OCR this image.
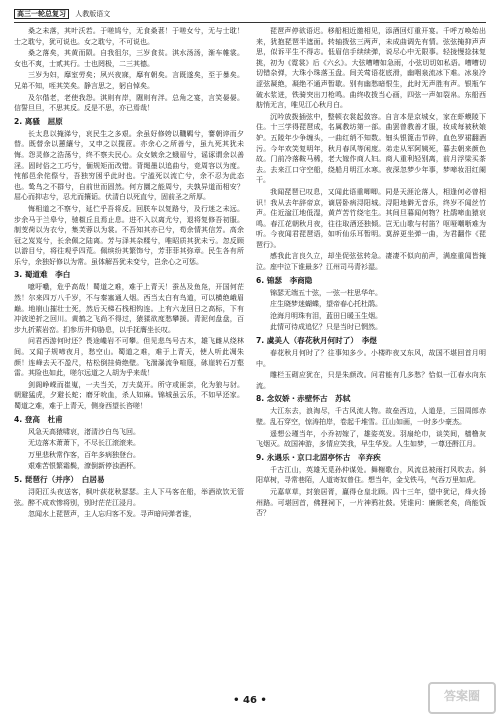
高三一轮总复习 人教版语文

桑之未落，其叶沃若。于嗟鸠兮，无食桑葚！于嗟女兮，无与士耽！士之耽兮，犹可说也。女之耽兮，不可说也。

桑之落矣，其黄而陨。自我徂尔，三岁食贫。淇水汤汤，渐车帷裳。女也不爽，士贰其行。士也罔极，二三其德。

三岁为妇，靡室劳矣；夙兴夜寐，靡有朝矣。言既遂矣，至于暴矣。兄弟不知，咥其笑矣。静言思之，躬自悼矣。

及尔偕老，老使我怨。淇则有岸，隰则有泮。总角之宴，言笑晏晏。信誓旦旦，不思其反。反是不思，亦已焉哉！

2. 离骚　屈原

长太息以掩涕兮，哀民生之多艰。余虽好修姱以鞿羁兮，謇朝谇而夕替。既替余以蕙纕兮，又申之以揽茝。亦余心之所善兮，虽九死其犹未悔。怨灵修之浩荡兮，终不察夫民心。众女嫉余之蛾眉兮，谣诼谓余以善淫。固时俗之工巧兮，偭规矩而改错。背绳墨以追曲兮，竞周容以为度。忳郁邑余侘傺兮，吾独穷困乎此时也。宁溘死以流亡兮，余不忍为此态也。鸷鸟之不群兮，自前世而固然。何方圜之能周兮，夫孰异道而相安？屈心而抑志兮，忍尤而攘诟。伏清白以死直兮，固前圣之所厚。

悔相道之不察兮，延伫乎吾将反。回朕车以复路兮，及行迷之未远。步余马于兰皋兮，驰椒丘且焉止息。进不入以离尤兮，退将复修吾初服。制芰荷以为衣兮，集芙蓉以为裳。不吾知其亦已兮，苟余情其信芳。高余冠之岌岌兮，长余佩之陆离。芳与泽其杂糅兮，唯昭质其犹未亏。忽反顾以游目兮，将往观乎四荒。佩缤纷其繁饰兮，芳菲菲其弥章。民生各有所乐兮，余独好修以为常。虽体解吾犹未变兮，岂余心之可惩。

3. 蜀道难　李白

噫吁嚱，危乎高哉！蜀道之难，难于上青天！蚕丛及鱼凫，开国何茫然！尔来四万八千岁，不与秦塞通人烟。西当太白有鸟道，可以横绝峨眉巅。地崩山摧壮士死，然后天梯石栈相钩连。上有六龙回日之高标，下有冲波逆折之回川。黄鹤之飞尚不得过，猿猱欲度愁攀援。青泥何盘盘，百步九折萦岩峦。扪参历井仰胁息，以手抚膺坐长叹。

问君西游何时还？畏途巉岩不可攀。但见悲鸟号古木，雄飞雌从绕林间。又闻子规啼夜月，愁空山。蜀道之难，难于上青天，使人听此凋朱颜！连峰去天不盈尺，枯松倒挂倚绝壁。飞湍瀑流争喧豗，砯崖转石万壑雷。其险也如此，嗟尔远道之人胡为乎来哉！

剑阁峥嵘而崔嵬，一夫当关，万夫莫开。所守或匪亲，化为狼与豺。朝避猛虎，夕避长蛇；磨牙吮血，杀人如麻。锦城虽云乐，不如早还家。蜀道之难，难于上青天，侧身西望长咨嗟！

4. 登高　杜甫

风急天高猿啸哀，渚清沙白鸟飞回。

无边落木萧萧下，不尽长江滚滚来。

万里悲秋常作客，百年多病独登台。

艰难苦恨繁霜鬓，潦倒新停浊酒杯。

5. 琵琶行（并序）　白居易

浔阳江头夜送客，枫叶荻花秋瑟瑟。主人下马客在船，举酒欲饮无管弦。醉不成欢惨将别，别时茫茫江浸月。

忽闻水上琵琶声，主人忘归客不发。寻声暗问弹者谁，

琵琶声停欲语迟。移船相近邀相见，添酒回灯重开宴。千呼万唤始出来，犹抱琵琶半遮面。转轴拨弦三两声，未成曲调先有情。弦弦掩抑声声思，似诉平生不得志。低眉信手续续弹，说尽心中无限事。轻拢慢捻抹复挑，初为《霓裳》后《六幺》。大弦嘈嘈如急雨，小弦切切如私语。嘈嘈切切错杂弹，大珠小珠落玉盘。间关莺语花底滑，幽咽泉流冰下难。冰泉冷涩弦凝绝，凝绝不通声暂歇。别有幽愁暗恨生，此时无声胜有声。银瓶乍破水浆迸，铁骑突出刀枪鸣。曲终收拨当心画，四弦一声如裂帛。东船西舫悄无言，唯见江心秋月白。

沉吟放拨插弦中，整顿衣裳起敛容。自言本是京城女，家在虾蟆陵下住。十三学得琵琶成，名属教坊第一部。曲罢曾教善才服，妆成每被秋娘妒。五陵年少争缠头，一曲红绡不知数。钿头银篦击节碎，血色罗裙翻酒污。今年欢笑复明年，秋月春风等闲度。弟走从军阿姨死，暮去朝来颜色故。门前冷落鞍马稀，老大嫁作商人妇。商人重利轻别离，前月浮梁买茶去。去来江口守空船，绕船月明江水寒。夜深忽梦少年事，梦啼妆泪红阑干。

我闻琵琶已叹息，又闻此语重唧唧。同是天涯沦落人，相逢何必曾相识！我从去年辞帝京，谪居卧病浔阳城。浔阳地僻无音乐，终岁不闻丝竹声。住近湓江地低湿，黄芦苦竹绕宅生。其间旦暮闻何物？杜鹃啼血猿哀鸣。春江花朝秋月夜，往往取酒还独倾。岂无山歌与村笛？呕哑嘲哳难为听。今夜闻君琵琶语，如听仙乐耳暂明。莫辞更坐弹一曲，为君翻作《琵琶行》。

感我此言良久立，却坐促弦弦转急。凄凄不似向前声，满座重闻皆掩泣。座中泣下谁最多？江州司马青衫湿。

6. 锦瑟　李商隐

锦瑟无端五十弦，一弦一柱思华年。

庄生晓梦迷蝴蝶，望帝春心托杜鹃。

沧海月明珠有泪，蓝田日暖玉生烟。

此情可待成追忆？只是当时已惘然。

7. 虞美人（春花秋月何时了）　李煜

春花秋月何时了？往事知多少。小楼昨夜又东风，故国不堪回首月明中。

雕栏玉砌应犹在，只是朱颜改。问君能有几多愁？恰似一江春水向东流。

8. 念奴娇・赤壁怀古　苏轼

大江东去，浪淘尽，千古风流人物。故垒西边，人道是，三国周郎赤壁。乱石穿空，惊涛拍岸，卷起千堆雪。江山如画，一时多少豪杰。

遥想公瑾当年，小乔初嫁了，雄姿英发。羽扇纶巾，谈笑间，樯橹灰飞烟灭。故国神游，多情应笑我，早生华发。人生如梦，一尊还酹江月。

9. 永遇乐・京口北固亭怀古　辛弃疾

千古江山，英雄无觅孙仲谋处。舞榭歌台，风流总被雨打风吹去。斜阳草树，寻常巷陌，人道寄奴曾住。想当年，金戈铁马，气吞万里如虎。

元嘉草草，封狼居胥，赢得仓皇北顾。四十三年，望中犹记，烽火扬州路。可堪回首，佛狸祠下，一片神鸦社鼓。凭谁问：廉颇老矣，尚能饭否？

• 46 •	答案圈
